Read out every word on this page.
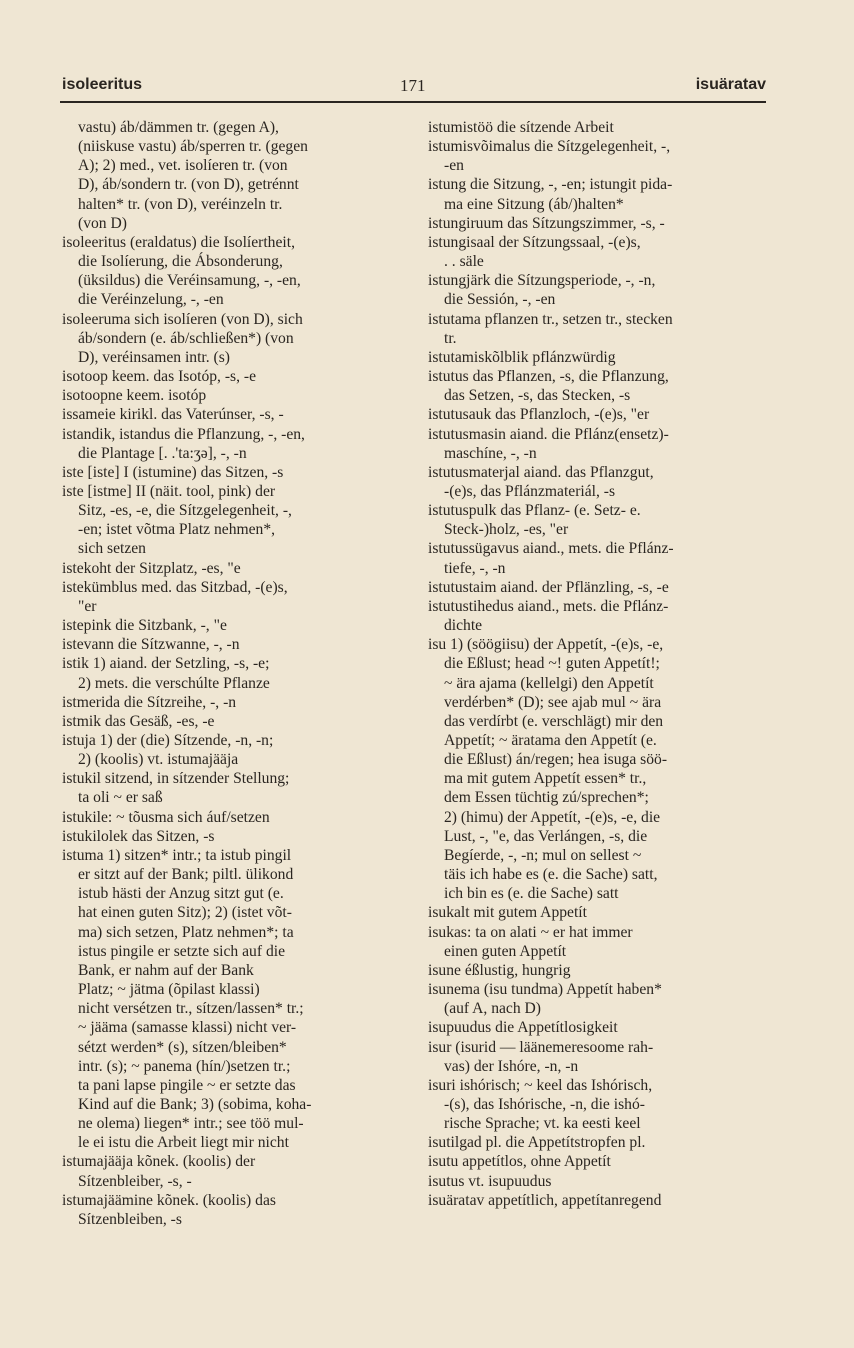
isoleeritus	171	isuäratav
vastu) áb/dämmen tr. (gegen A),
(niiskuse vastu) áb/sperren tr. (gegen
A); 2) med., vet. isolíeren tr. (von
D), áb/sondern tr. (von D), getrénnt
halten* tr. (von D), veréinzeln tr.
(von D)
isoleeritus (eraldatus) die Isolíertheit,
die Isolíerung, die Ábsonderung,
(üksildus) die Veréinsamung, -, -en,
die Veréinzelung, -, -en
isoleeruma sich isolíeren (von D), sich
áb/sondern (e. áb/schließen*) (von
D), veréinsamen intr. (s)
isotoop keem. das Isotóp, -s, -e
isotoopne keem. isotóp
issameie kirikl. das Vaterúnser, -s, -
istandik, istandus die Pflanzung, -, -en,
die Plantage [. .'ta:ʒə], -, -n
iste [iste] I (istumine) das Sitzen, -s
iste [istme] II (näit. tool, pink) der
Sitz, -es, -e, die Sítzgelegenheit, -,
-en; istet võtma Platz nehmen*,
sich setzen
istekoht der Sitzplatz, -es, "e
istekümblus med. das Sitzbad, -(e)s,
"er
istepink die Sitzbank, -, "e
istevann die Sítzwanne, -, -n
istik 1) aiand. der Setzling, -s, -e;
2) mets. die verschúlte Pflanze
istmerida die Sítzreihe, -, -n
istmik das Gesäß, -es, -e
istuja 1) der (die) Sítzende, -n, -n;
2) (koolis) vt. istumajääja
istukil sitzend, in sítzender Stellung;
ta oli ~ er saß
istukile: ~ tõusma sich áuf/setzen
istukilolek das Sitzen, -s
istuma 1) sitzen* intr.; ta istub pingil
er sitzt auf der Bank; piltl. ülikond
istub hästi der Anzug sitzt gut (e.
hat einen guten Sitz); 2) (istet võt-
ma) sich setzen, Platz nehmen*; ta
istus pingile er setzte sich auf die
Bank, er nahm auf der Bank
Platz; ~ jätma (õpilast klassi)
nicht versétzen tr., sítzen/lassen* tr.;
~ jääma (samasse klassi) nicht ver-
sétzt werden* (s), sítzen/bleiben*
intr. (s); ~ panema (hín/)setzen tr.;
ta pani lapse pingile ~ er setzte das
Kind auf die Bank; 3) (sobima, koha-
ne olema) liegen* intr.; see töö mul-
le ei istu die Arbeit liegt mir nicht
istumajääja kõnek. (koolis) der
Sítzenbleiber, -s, -
istumajäämine kõnek. (koolis) das
Sítzenbleiben, -s
istumistöö die sítzende Arbeit
istumisvõimalus die Sítzgelegenheit, -,
-en
istung die Sitzung, -, -en; istungit pida-
ma eine Sitzung (áb/)halten*
istungiruum das Sítzungszimmer, -s, -
istungisaal der Sítzungssaal, -(e)s,
. . säle
istungjärk die Sítzungsperiode, -, -n,
die Sessión, -, -en
istutama pflanzen tr., setzen tr., stecken
tr.
istutamiskõlblik pflánzwürdig
istutus das Pflanzen, -s, die Pflanzung,
das Setzen, -s, das Stecken, -s
istutusauk das Pflanzloch, -(e)s, "er
istutusmasin aiand. die Pflánz(ensetz)-
maschíne, -, -n
istutusmaterjal aiand. das Pflanzgut,
-(e)s, das Pflánzmateriál, -s
istutuspulk das Pflanz- (e. Setz- e.
Steck-)holz, -es, "er
istutussügavus aiand., mets. die Pflánz-
tiefe, -, -n
istutustaim aiand. der Pflänzling, -s, -e
istutustihedus aiand., mets. die Pflánz-
dichte
isu 1) (söögiisu) der Appetít, -(e)s, -e,
die Eßlust; head ~! guten Appetít!;
~ ära ajama (kellelgi) den Appetít
verdérben* (D); see ajab mul ~ ära
das verdírbt (e. verschlägt) mir den
Appetít; ~ äratama den Appetít (e.
die Eßlust) án/regen; hea isuga söö-
ma mit gutem Appetít essen* tr.,
dem Essen tüchtig zú/sprechen*;
2) (himu) der Appetít, -(e)s, -e, die
Lust, -, "e, das Verlángen, -s, die
Begíerde, -, -n; mul on sellest ~
täis ich habe es (e. die Sache) satt,
ich bin es (e. die Sache) satt
isukalt mit gutem Appetít
isukas: ta on alati ~ er hat immer
einen guten Appetít
isune éßlustig, hungrig
isunema (isu tundma) Appetít haben*
(auf A, nach D)
isupuudus die Appetítlosigkeit
isur (isurid — läänemeresoome rah-
vas) der Ishóre, -n, -n
isuri ishórisch; ~ keel das Ishórisch,
-(s), das Ishórische, -n, die ishó-
rische Sprache; vt. ka eesti keel
isutilgad pl. die Appetítstropfen pl.
isutu appetítlos, ohne Appetít
isutus vt. isupuudus
isuäratav appetítlich, appetítanregend
